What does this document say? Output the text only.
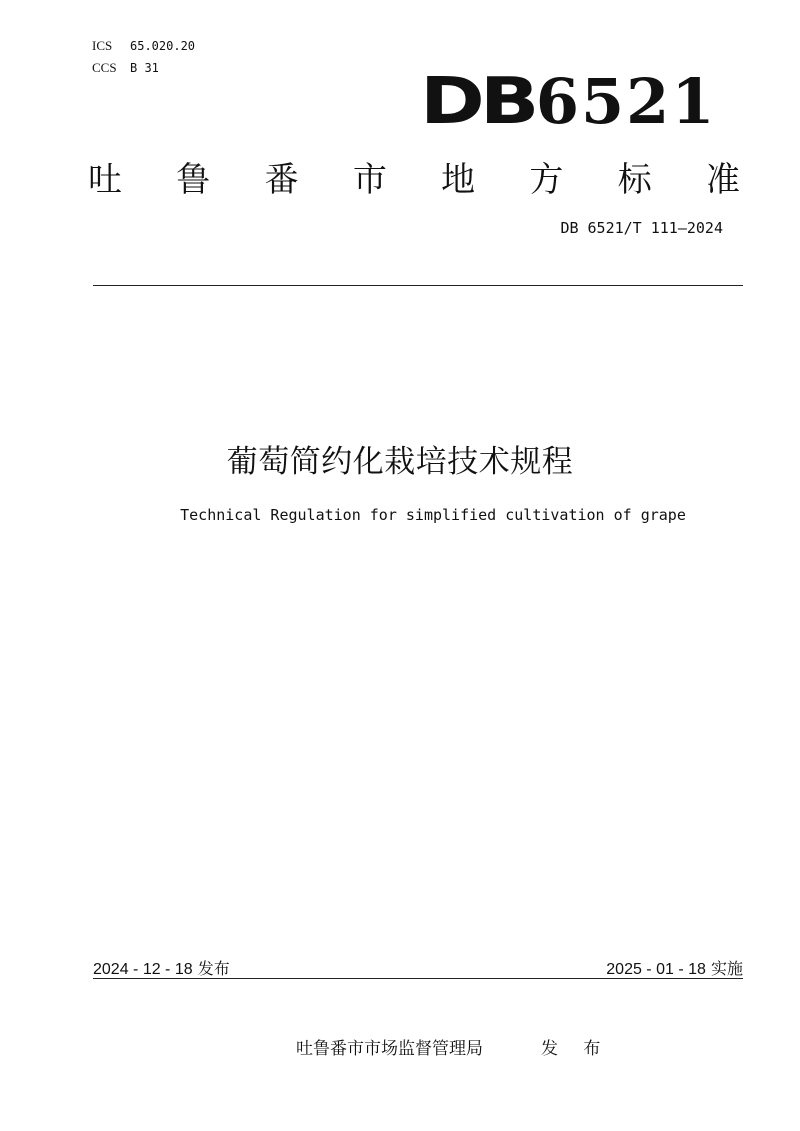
ICS 65.020.20
CCS B 31	DB6521
吐 鲁 番 市 地 方 标 准
DB 6521/T 111—2024
葡萄简约化栽培技术规程
Technical Regulation for simplified cultivation of grape
2024 - 12 - 18 发布	2025 - 01 - 18 实施
吐鲁番市市场监督管理局	发 布
